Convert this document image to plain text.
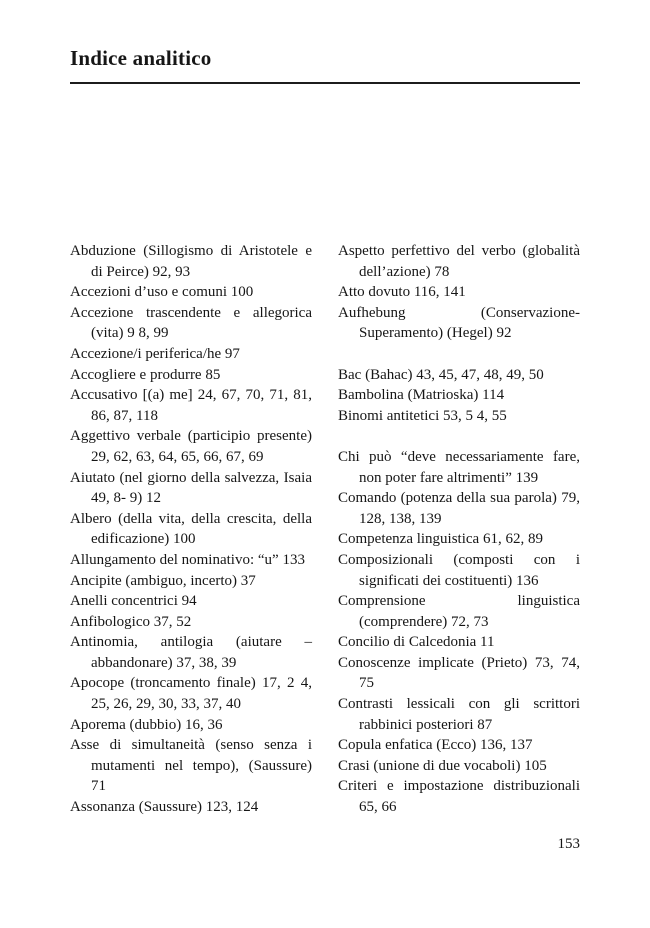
Indice analitico

Abduzione (Sillogismo di Aristotele e di Peirce) 92, 93

Accezioni d’uso e comuni 100

Accezione trascendente e allegorica (vita) 9 8, 99

Accezione/i periferica/he 97

Accogliere e produrre 85

Accusativo [(a) me] 24, 67, 70, 71, 81, 86, 87, 118

Aggettivo verbale (participio presente) 29, 62, 63, 64, 65, 66, 67, 69

Aiutato (nel giorno della salvezza, Isaia 49, 8- 9) 12

Albero (della vita, della crescita, della edificazione) 100

Allungamento del nominativo: “u” 133

Ancipite (ambiguo, incerto) 37

Anelli concentrici 94

Anfibologico 37, 52

Antinomia, antilogia (aiutare – abbandonare) 37, 38, 39

Apocope (troncamento finale) 17, 2 4, 25, 26, 29, 30, 33, 37, 40

Aporema (dubbio) 16, 36

Asse di simultaneità (senso senza i mutamenti nel tempo), (Saussure) 71

Assonanza (Saussure) 123, 124

Aspetto perfettivo del verbo (globalità dell’azione) 78

Atto dovuto 116, 141

Aufhebung (Conservazione-Superamento) (Hegel) 92

Bac (Bahac) 43, 45, 47, 48, 49, 50

Bambolina (Matrioska) 114

Binomi antitetici 53, 5 4, 55

Chi può “deve necessariamente fare, non poter fare altrimenti” 139

Comando (potenza della sua parola) 79, 128, 138, 139

Competenza linguistica 61, 62, 89

Composizionali (composti con i significati dei costituenti) 136

Comprensione linguistica (comprendere) 72, 73

Concilio di Calcedonia 11

Conoscenze implicate (Prieto) 73, 74, 75

Contrasti lessicali con gli scrittori rabbinici posteriori 87

Copula enfatica (Ecco) 136, 137

Crasi (unione di due vocaboli) 105

Criteri e impostazione distribuzionali 65, 66

153
